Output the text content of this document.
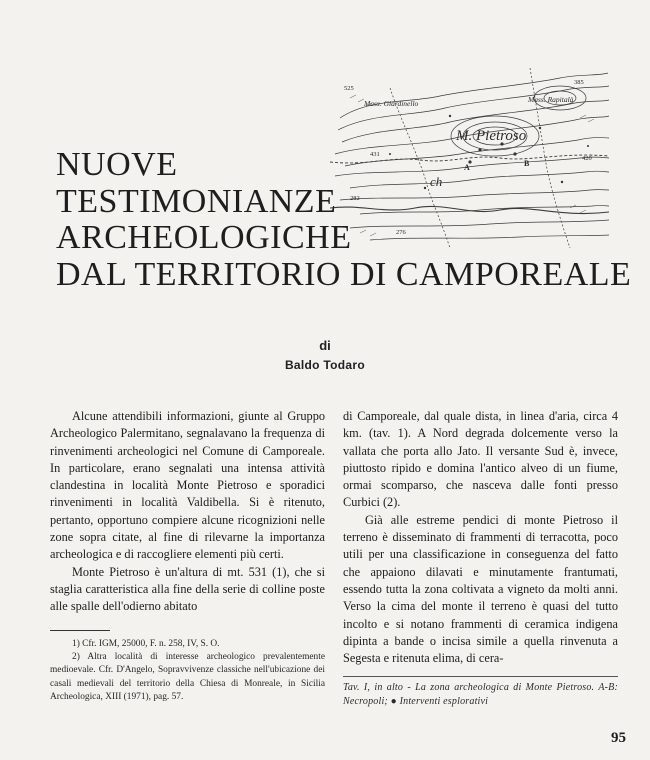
M. Pietroso
Mass. Giardinello	Mass. Rapitalà
ch
525
431
385
420
282
276
A	B
NUOVE
TESTIMONIANZE
ARCHEOLOGICHE
DAL TERRITORIO DI CAMPOREALE
di
Baldo Todaro

Alcune attendibili informazioni, giunte al Gruppo Archeologico Palermitano, segnalavano la frequenza di rinvenimenti archeologici nel Comune di Camporeale. In particolare, erano segnalati una intensa attività clandestina in località Monte Pietroso e sporadici rinvenimenti in località Valdibella. Si è ritenuto, pertanto, opportuno compiere alcune ricognizioni nelle zone sopra citate, al fine di rilevarne la importanza archeologica e di raccogliere elementi più certi.

Monte Pietroso è un'altura di mt. 531 (1), che si staglia caratteristica alla fine della serie di colline poste alle spalle dell'odierno abitato

di Camporeale, dal quale dista, in linea d'aria, circa 4 km. (tav. 1). A Nord degrada dolcemente verso la vallata che porta allo Jato. Il versante Sud è, invece, piuttosto ripido e domina l'antico alveo di un fiume, ormai scomparso, che nasceva dalle fonti presso Curbici (2).

Già alle estreme pendici di monte Pietroso il terreno è disseminato di frammenti di terracotta, poco utili per una classificazione in conseguenza del fatto che appaiono dilavati e minutamente frantumati, essendo tutta la zona coltivata a vigneto da molti anni. Verso la cima del monte il terreno è quasi del tutto incolto e si notano frammenti di ceramica indigena dipinta a bande o incisa simile a quella rinvenuta a Segesta e ritenuta elima, di cera-

1) Cfr. IGM, 25000, F. n. 258, IV, S. O.

2) Altra località di interesse archeologico prevalentemente medioevale. Cfr. D'Angelo, Sopravvivenze classiche nell'ubicazione dei casali medievali del territorio della Chiesa di Monreale, in Sicilia Archeologica, XIII (1971), pag. 57.

Tav. I, in alto - La zona archeologica di Monte Pietroso. A-B: Necropoli; ● Interventi esplorativi

95
